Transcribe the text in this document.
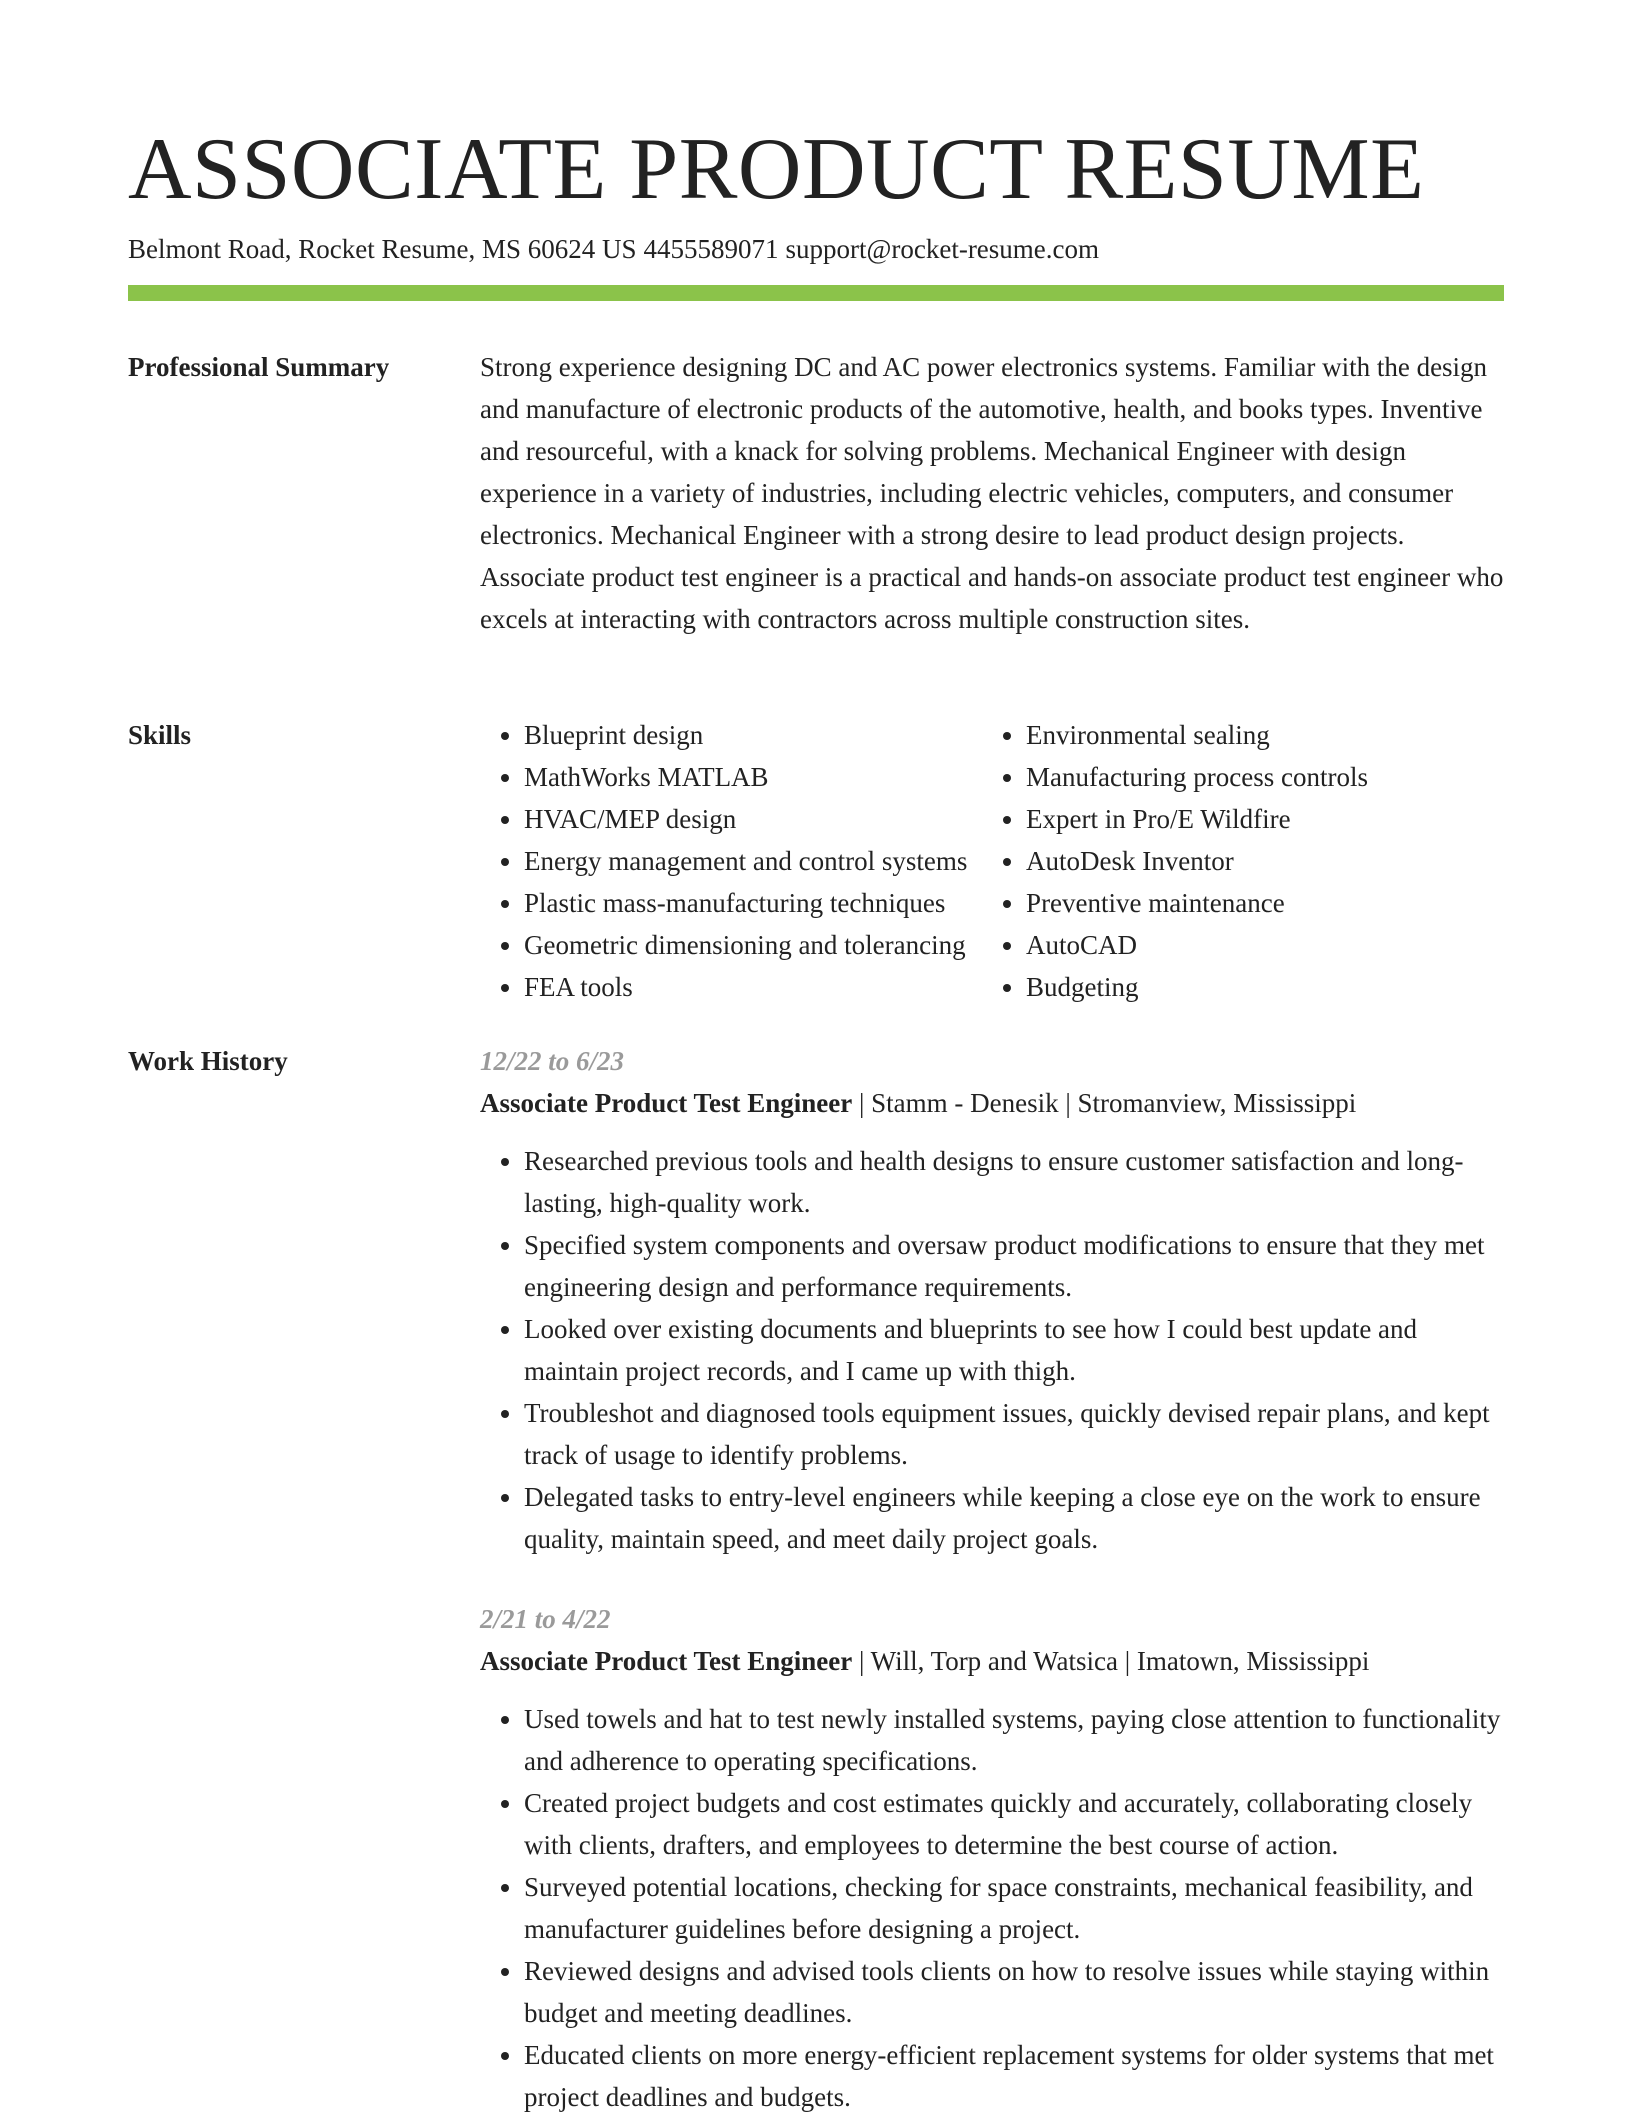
ASSOCIATE PRODUCT RESUME
Belmont Road, Rocket Resume, MS 60624 US 4455589071 support@rocket-resume.com
Professional Summary	Strong experience designing DC and AC power electronics systems. Familiar with the design and manufacture of electronic products of the automotive, health, and books types. Inventive and resourceful, with a knack for solving problems. Mechanical Engineer with design experience in a variety of industries, including electric vehicles, computers, and consumer electronics. Mechanical Engineer with a strong desire to lead product design projects. Associate product test engineer is a practical and hands-on associate product test engineer who excels at interacting with contractors across multiple construction sites.

Skills
•	Blueprint design
• MathWorks MATLAB
• HVAC/MEP design
• Energy management and control systems
• Plastic mass-manufacturing techniques
• Geometric dimensioning and tolerancing
• FEA tools
• Environmental sealing
• Manufacturing process controls
• Expert in Pro/E Wildfire
• AutoDesk Inventor
• Preventive maintenance
• AutoCAD
• Budgeting
Work History	12/22 to 6/23
Associate Product Test Engineer | Stamm - Denesik | Stromanview, Mississippi
• Researched previous tools and health designs to ensure customer satisfaction and long-lasting, high-quality work.
• Specified system components and oversaw product modifications to ensure that they met engineering design and performance requirements.
• Looked over existing documents and blueprints to see how I could best update and maintain project records, and I came up with thigh.
• Troubleshot and diagnosed tools equipment issues, quickly devised repair plans, and kept track of usage to identify problems.
• Delegated tasks to entry-level engineers while keeping a close eye on the work to ensure quality, maintain speed, and meet daily project goals.
2/21 to 4/22
Associate Product Test Engineer | Will, Torp and Watsica | Imatown, Mississippi
• Used towels and hat to test newly installed systems, paying close attention to functionality and adherence to operating specifications.
• Created project budgets and cost estimates quickly and accurately, collaborating closely with clients, drafters, and employees to determine the best course of action.
• Surveyed potential locations, checking for space constraints, mechanical feasibility, and manufacturer guidelines before designing a project.
• Reviewed designs and advised tools clients on how to resolve issues while staying within budget and meeting deadlines.
• Educated clients on more energy-efficient replacement systems for older systems that met project deadlines and budgets.
